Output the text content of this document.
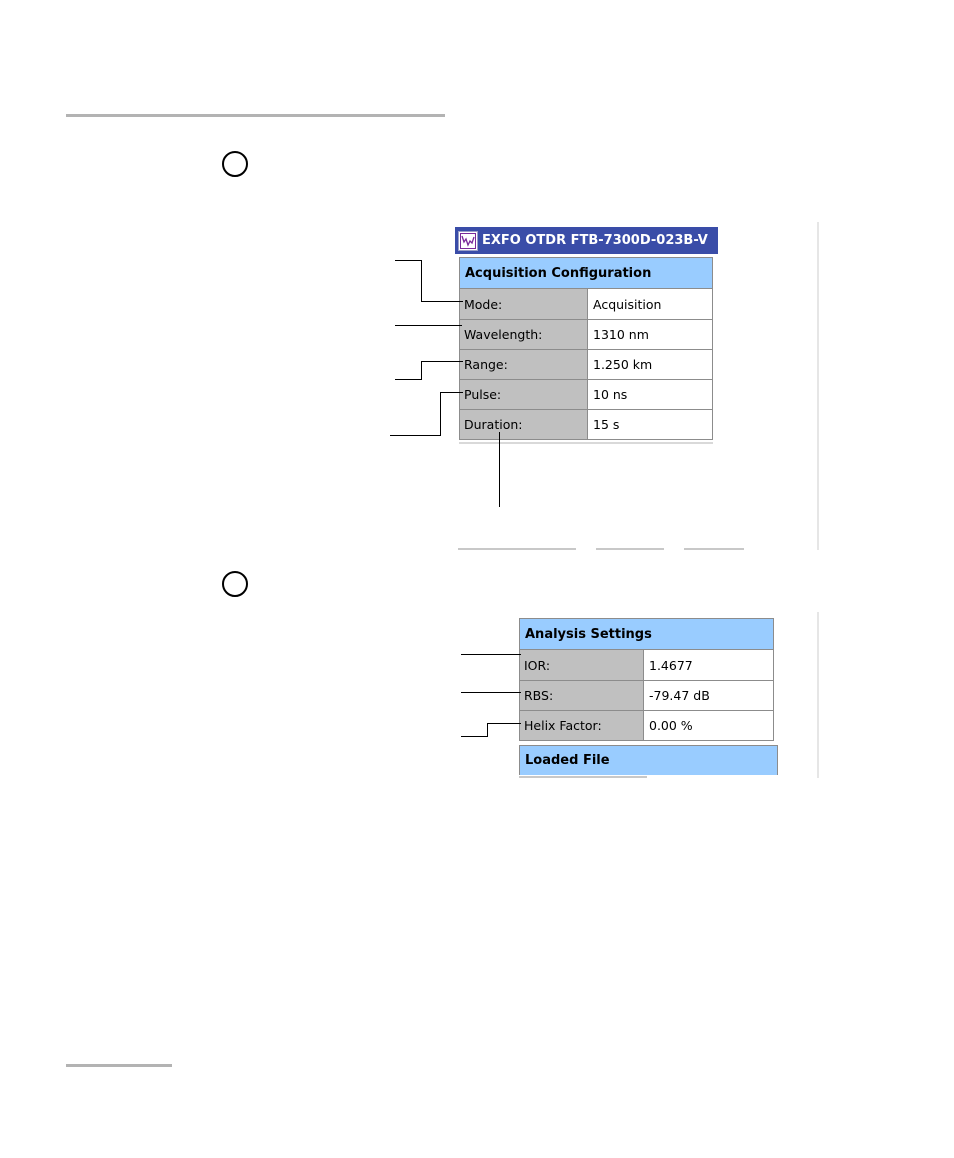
EXFO OTDR FTB-7300D-023B-V
Acquisition Configuration
Mode:	Acquisition
Wavelength:	1310 nm
Range:	1.250 km
Pulse:	10 ns
Duration:	15 s
Analysis Settings
IOR:	1.4677
RBS:	-79.47 dB
Helix Factor:	0.00 %
Loaded File
